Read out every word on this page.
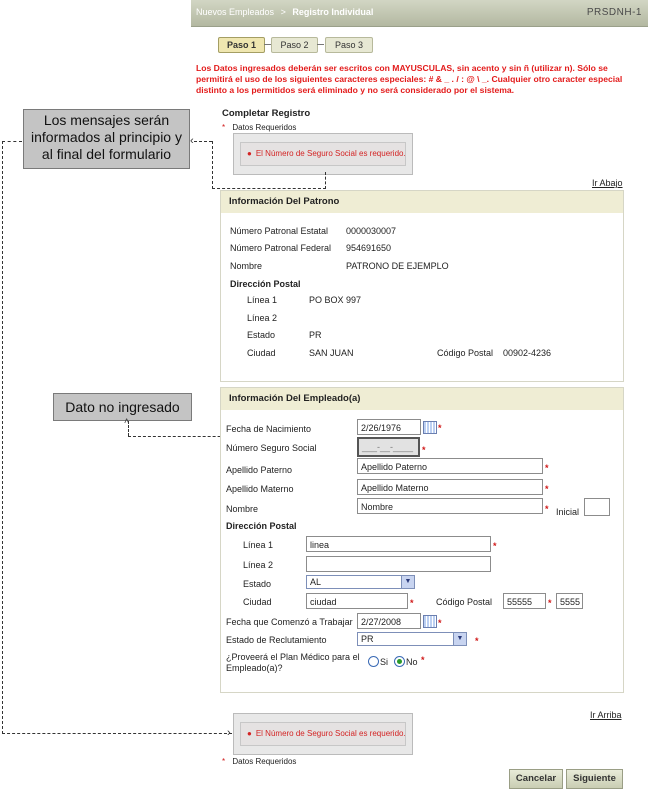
Nuevos Empleados > Registro Individual	PRSDNH-1
Paso 1	Paso 2	Paso 3
Los Datos ingresados deberán ser escritos con MAYUSCULAS, sin acento y sin ñ (utilizar n). Sólo se permitirá el uso de los siguientes caracteres especiales: # & _ . / : @ \ _. Cualquier otro caracter especial distinto a los permitidos será eliminado y no será considerado por el sistema.
Completar Registro
* Datos Requeridos
● El Número de Seguro Social es requerido.
Los mensajes serán informados al principio y al final del formulario
‹
›
Ir Abajo
Información Del Patrono
Número Patronal Estatal 0000030007
Número Patronal Federal 954691650
Nombre	PATRONO DE EJEMPLO
Dirección Postal
Línea 1	PO BOX 997
Línea 2
Estado	PR
Ciudad	SAN JUAN	Código Postal 00902-4236
Dato no ingresado
˄
Información Del Empleado(a)
Fecha de Nacimiento	2/26/1976	*
Número Seguro Social	___-__-____ *
Apellido Paterno	Apellido Paterno	*
Apellido Materno	Apellido Materno	*
Nombre	Nombre	* Inicial
Dirección Postal
Línea 1	linea	*
Línea 2
Estado	AL	▼
Ciudad	ciudad	* Código Postal	55555	* 5555
Fecha que Comenzó a Trabajar 2/27/2008	*
Estado de Reclutamiento	PR	▼ *
¿Proveerá el Plan Médico para el
Empleado(a)?
Si No *
Ir Arriba
● El Número de Seguro Social es requerido.
* Datos Requeridos
Cancelar	Siguiente
